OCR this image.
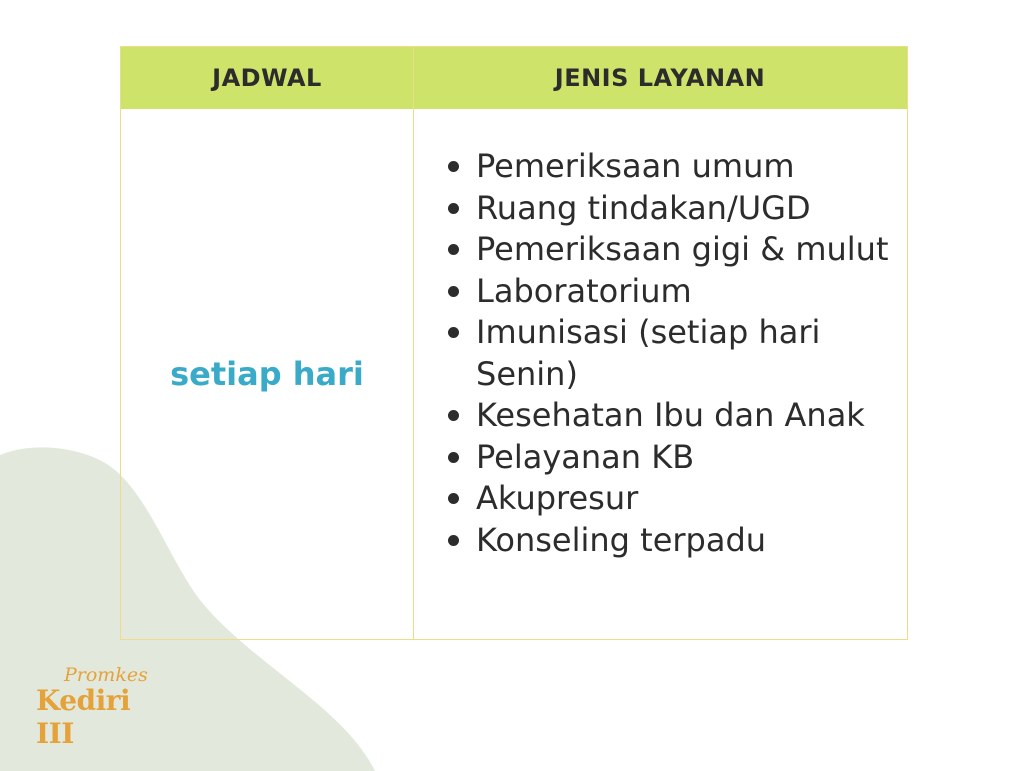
JADWAL	JENIS LAYANAN
setiap hari
Pemeriksaan umum
Ruang tindakan/UGD
Pemeriksaan gigi & mulut
Laboratorium
Imunisasi (setiap hari Senin)
Kesehatan Ibu dan Anak
Pelayanan KB
Akupresur
Konseling terpadu
Promkes
Kediri III
